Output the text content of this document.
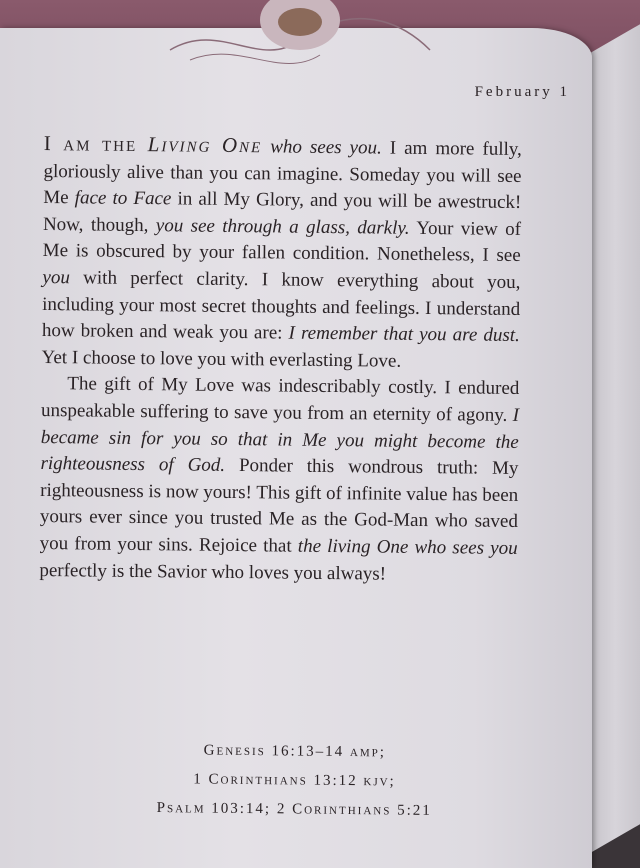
February 1

I am the Living One who sees you. I am more fully, gloriously alive than you can imagine. Someday you will see Me face to Face in all My Glory, and you will be awestruck! Now, though, you see through a glass, darkly. Your view of Me is obscured by your fallen condition. Nonetheless, I see you with perfect clarity. I know everything about you, including your most secret thoughts and feelings. I understand how broken and weak you are: I remember that you are dust. Yet I choose to love you with everlasting Love.

The gift of My Love was indescribably costly. I endured unspeakable suffering to save you from an eternity of agony. I became sin for you so that in Me you might become the righteousness of God. Ponder this wondrous truth: My righteousness is now yours! This gift of infinite value has been yours ever since you trusted Me as the God-Man who saved you from your sins. Rejoice that the living One who sees you perfectly is the Savior who loves you always!

Genesis 16:13–14 amp;
1 Corinthians 13:12 kjv;
Psalm 103:14; 2 Corinthians 5:21
